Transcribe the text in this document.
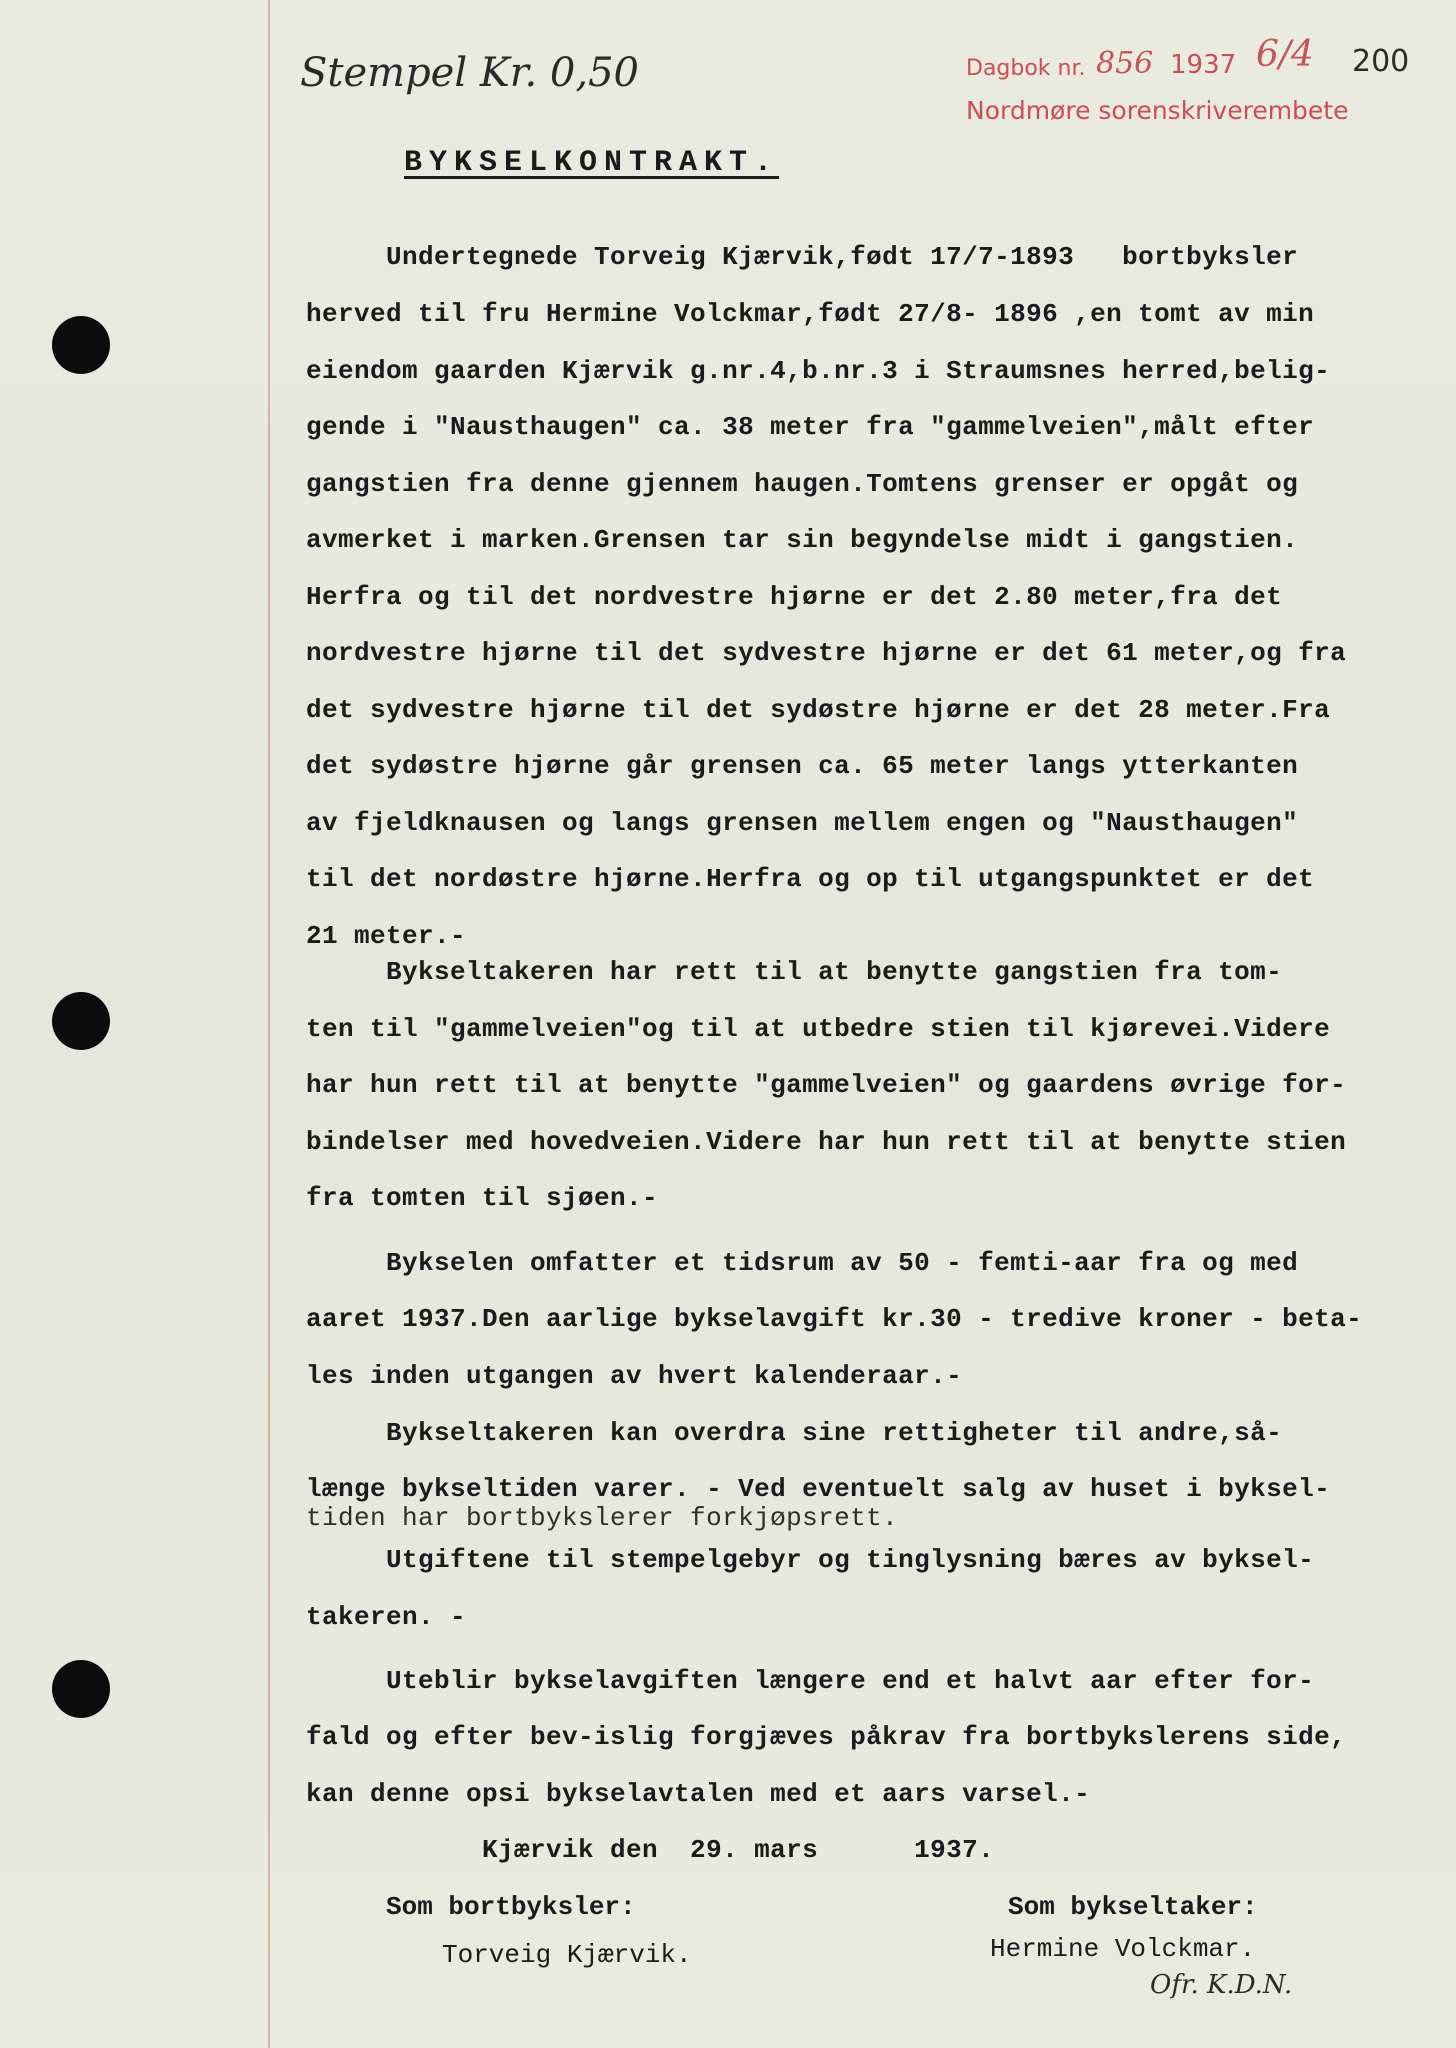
Stempel Kr. 0,50	Dagbok nr. 856 1937 6/4
Nordmøre sorenskriverembete
200
BYKSELKONTRAKT.
Undertegnede Torveig Kjærvik,født 17/7-1893   bortbyksler
herved til fru Hermine Volckmar,født 27/8- 1896 ,en tomt av min
eiendom gaarden Kjærvik g.nr.4,b.nr.3 i Straumsnes herred,belig-
gende i "Nausthaugen" ca. 38 meter fra "gammelveien",målt efter
gangstien fra denne gjennem haugen.Tomtens grenser er opgåt og
avmerket i marken.Grensen tar sin begyndelse midt i gangstien.
Herfra og til det nordvestre hjørne er det 2.80 meter,fra det
nordvestre hjørne til det sydvestre hjørne er det 61 meter,og fra
det sydvestre hjørne til det sydøstre hjørne er det 28 meter.Fra
det sydøstre hjørne går grensen ca. 65 meter langs ytterkanten
av fjeldknausen og langs grensen mellem engen og "Nausthaugen"
til det nordøstre hjørne.Herfra og op til utgangspunktet er det
21 meter.-
Bykseltakeren har rett til at benytte gangstien fra tom-
ten til "gammelveien"og til at utbedre stien til kjørevei.Videre
har hun rett til at benytte "gammelveien" og gaardens øvrige for-
bindelser med hovedveien.Videre har hun rett til at benytte stien
fra tomten til sjøen.-
Bykselen omfatter et tidsrum av 50 - femti-aar fra og med
aaret 1937.Den aarlige bykselavgift kr.30 - tredive kroner - beta-
les inden utgangen av hvert kalenderaar.-
Bykseltakeren kan overdra sine rettigheter til andre,så-
længe bykseltiden varer. - Ved eventuelt salg av huset i byksel-
tiden har bortbykslerer forkjøpsrett.
Utgiftene til stempelgebyr og tinglysning bæres av byksel-
takeren. -
Uteblir bykselavgiften længere end et halvt aar efter for-
fald og efter bev-islig forgjæves påkrav fra bortbykslerens side,
kan denne opsi bykselavtalen med et aars varsel.-
Kjærvik den  29. mars      1937.
Som bortbyksler:	Som bykseltaker:
Torveig Kjærvik.	Hermine Volckmar.
Ofr. K.D.N.
